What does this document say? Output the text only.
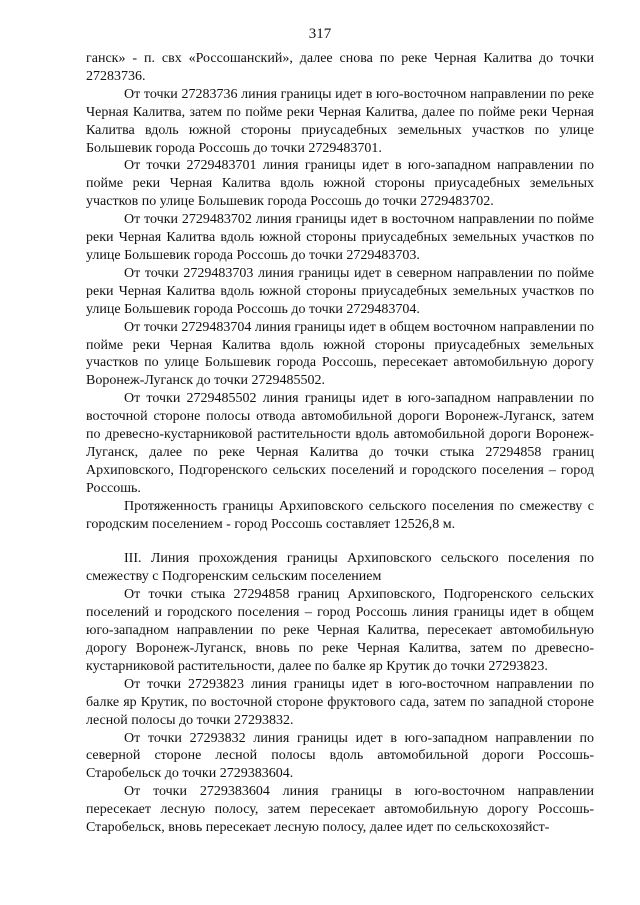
317

ганск» - п. свх «Россошанский», далее снова по реке Черная Калитва до точки 27283736.

От точки 27283736 линия границы идет в юго-восточном направлении по реке Черная Калитва, затем по пойме реки Черная Калитва, далее по пойме реки Черная Калитва вдоль южной стороны приусадебных земельных участков по улице Большевик города Россошь до точки 2729483701.

От точки 2729483701 линия границы идет в юго-западном направлении по пойме реки Черная Калитва вдоль южной стороны приусадебных земельных участков по улице Большевик города Россошь до точки 2729483702.

От точки 2729483702 линия границы идет в восточном направлении по пойме реки Черная Калитва вдоль южной стороны приусадебных земельных участков по улице Большевик города Россошь до точки 2729483703.

От точки 2729483703 линия границы идет в северном направлении по пойме реки Черная Калитва вдоль южной стороны приусадебных земельных участков по улице Большевик города Россошь до точки 2729483704.

От точки 2729483704 линия границы идет в общем восточном направлении по пойме реки Черная Калитва вдоль южной стороны приусадебных земельных участков по улице Большевик города Россошь, пересекает автомобильную дорогу Воронеж-Луганск до точки 2729485502.

От точки 2729485502 линия границы идет в юго-западном направлении по восточной стороне полосы отвода автомобильной дороги Воронеж-Луганск, затем по древесно-кустарниковой растительности вдоль автомобильной дороги Воронеж-Луганск, далее по реке Черная Калитва до точки стыка 27294858 границ Архиповского, Подгоренского сельских поселений и городского поселения – город Россошь.

Протяженность границы Архиповского сельского поселения по смежеству с городским поселением - город Россошь составляет 12526,8 м.

III. Линия прохождения границы Архиповского сельского поселения по смежеству с Подгоренским сельским поселением

От точки стыка 27294858 границ Архиповского, Подгоренского сельских поселений и городского поселения – город Россошь линия границы идет в общем юго-западном направлении по реке Черная Калитва, пересекает автомобильную дорогу Воронеж-Луганск, вновь по реке Черная Калитва, затем по древесно-кустарниковой растительности, далее по балке яр Крутик до точки 27293823.

От точки 27293823 линия границы идет в юго-восточном направлении по балке яр Крутик, по восточной стороне фруктового сада, затем по западной стороне лесной полосы до точки 27293832.

От точки 27293832 линия границы идет в юго-западном направлении по северной стороне лесной полосы вдоль автомобильной дороги Россошь-Старобельск до точки 2729383604.

От точки 2729383604 линия границы в юго-восточном направлении пересекает лесную полосу, затем пересекает автомобильную дорогу Россошь-Старобельск, вновь пересекает лесную полосу, далее идет по сельскохозяйст-
